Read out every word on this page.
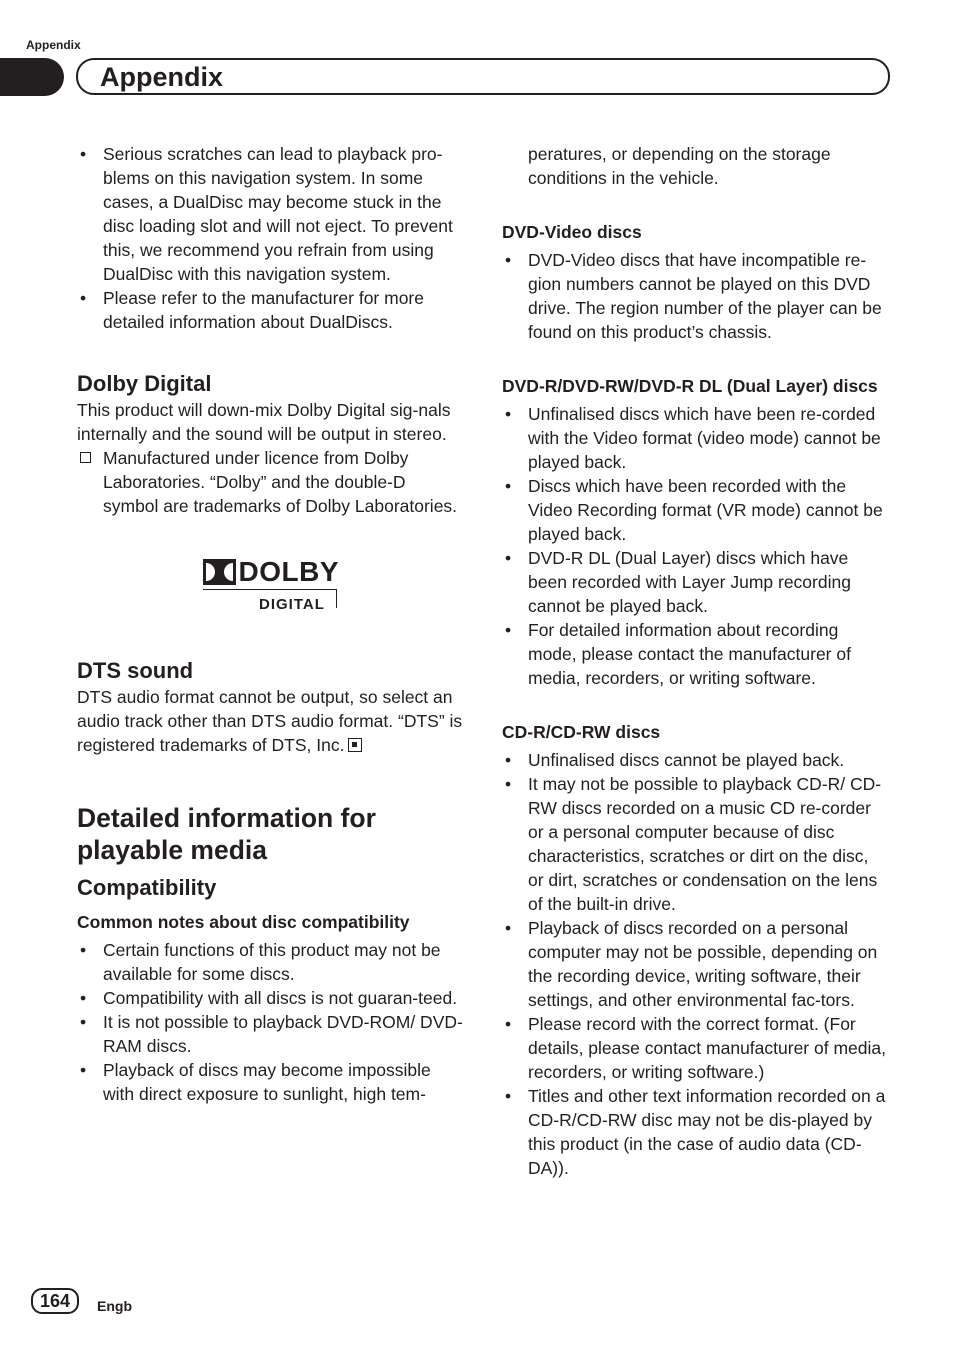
Appendix
Appendix
• Serious scratches can lead to playback pro-blems on this navigation system. In some cases, a DualDisc may become stuck in the disc loading slot and will not eject. To prevent this, we recommend you refrain from using DualDisc with this navigation system.
• Please refer to the manufacturer for more detailed information about DualDiscs.
Dolby Digital

This product will down-mix Dolby Digital sig-nals internally and the sound will be output in stereo.

Manufactured under licence from Dolby Laboratories. “Dolby” and the double-D symbol are trademarks of Dolby Laboratories.
DOLBY
DIGITAL
DTS sound

DTS audio format cannot be output, so select an audio track other than DTS audio format. “DTS” is registered trademarks of DTS, Inc.

Detailed information for playable media
Compatibility
Common notes about disc compatibility
• Certain functions of this product may not be available for some discs.
• Compatibility with all discs is not guaran-teed.
• It is not possible to playback DVD-ROM/ DVD-RAM discs.
• Playback of discs may become impossible with direct exposure to sunlight, high tem-

peratures, or depending on the storage conditions in the vehicle.

DVD-Video discs
• DVD-Video discs that have incompatible re-gion numbers cannot be played on this DVD drive. The region number of the player can be found on this product’s chassis.
DVD-R/DVD-RW/DVD-R DL (Dual Layer) discs
• Unfinalised discs which have been re-corded with the Video format (video mode) cannot be played back.
• Discs which have been recorded with the Video Recording format (VR mode) cannot be played back.
• DVD-R DL (Dual Layer) discs which have been recorded with Layer Jump recording cannot be played back.
• For detailed information about recording mode, please contact the manufacturer of media, recorders, or writing software.
CD-R/CD-RW discs
• Unfinalised discs cannot be played back.
• It may not be possible to playback CD-R/ CD-RW discs recorded on a music CD re-corder or a personal computer because of disc characteristics, scratches or dirt on the disc, or dirt, scratches or condensation on the lens of the built-in drive.
• Playback of discs recorded on a personal computer may not be possible, depending on the recording device, writing software, their settings, and other environmental fac-tors.
• Please record with the correct format. (For details, please contact manufacturer of media, recorders, or writing software.)
• Titles and other text information recorded on a CD-R/CD-RW disc may not be dis-played by this product (in the case of audio data (CD-DA)).
164	Engb
